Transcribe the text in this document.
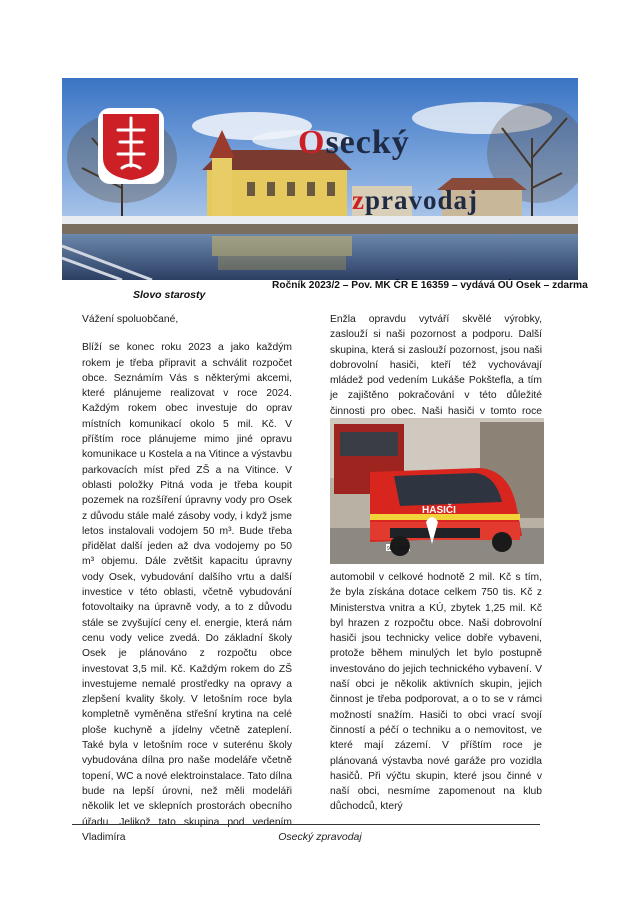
Osecký
zpravodaj
Ročník 2023/2 – Pov. MK ČR E 16359 – vydává OÚ Osek – zdarma
Slovo starosty

Vážení spoluobčané,

Blíží se konec roku 2023 a jako každým rokem je třeba připravit a schválit rozpočet obce. Seznámím Vás s některými akcemi, které plánujeme realizovat v roce 2024. Každým rokem obec investuje do oprav místních komunikací okolo 5 mil. Kč. V příštím roce plánujeme mimo jiné opravu komunikace u Kostela a na Vitince a výstavbu parkovacích míst před ZŠ a na Vitince. V oblasti položky Pitná voda je třeba koupit pozemek na rozšíření úpravny vody pro Osek z důvodu stále malé zásoby vody, i když jsme letos instalovali vodojem 50 m³. Bude třeba přidělat další jeden až dva vodojemy po 50 m³ objemu. Dále zvětšit kapacitu úpravny vody Osek, vybudování dalšího vrtu a další investice v této oblasti, včetně vybudování fotovoltaiky na úpravně vody, a to z důvodu stále se zvyšující ceny el. energie, která nám cenu vody velice zvedá. Do základní školy Osek je plánováno z rozpočtu obce investovat 3,5 mil. Kč. Každým rokem do ZŠ investujeme nemalé prostředky na opravy a zlepšení kvality školy. V letošním roce byla kompletně vyměněna střešní krytina na celé ploše kuchyně a jídelny včetně zateplení. Také byla v letošním roce v suterénu školy vybudována dílna pro naše modeláře včetně topení, WC a nové elektroinstalace. Tato dílna bude na lepší úrovni, než měli modeláři několik let ve sklepních prostorách obecního úřadu. Jelikož tato skupina pod vedením Vladimíra

Enžla opravdu vytváří skvělé výrobky, zaslouží si naši pozornost a podporu. Další skupina, která si zaslouží pozornost, jsou naši dobrovolní hasiči, kteří též vychovávají mládež pod vedením Lukáše Pokštefla, a tím je zajištěno pokračování v této důležité činnosti pro obec. Naši hasiči v tomto roce

HASIČI
9P2 9205

automobil v celkové hodnotě 2 mil. Kč s tím, že byla získána dotace celkem 750 tis. Kč z Ministerstva vnitra a KÚ, zbytek 1,25 mil. Kč byl hrazen z rozpočtu obce. Naši dobrovolní hasiči jsou technicky velice dobře vybaveni, protože během minulých let bylo postupně investováno do jejich technického vybavení. V naší obci je několik aktivních skupin, jejich činnost je třeba podporovat, a o to se v rámci možností snažím. Hasiči to obci vrací svojí činností a péčí o techniku a o nemovitost, ve které mají zázemí. V příštím roce je plánovaná výstavba nové garáže pro vozidla hasičů. Při výčtu skupin, které jsou činné v naší obci, nesmíme zapomenout na klub důchodců, který

Osecký zpravodaj
